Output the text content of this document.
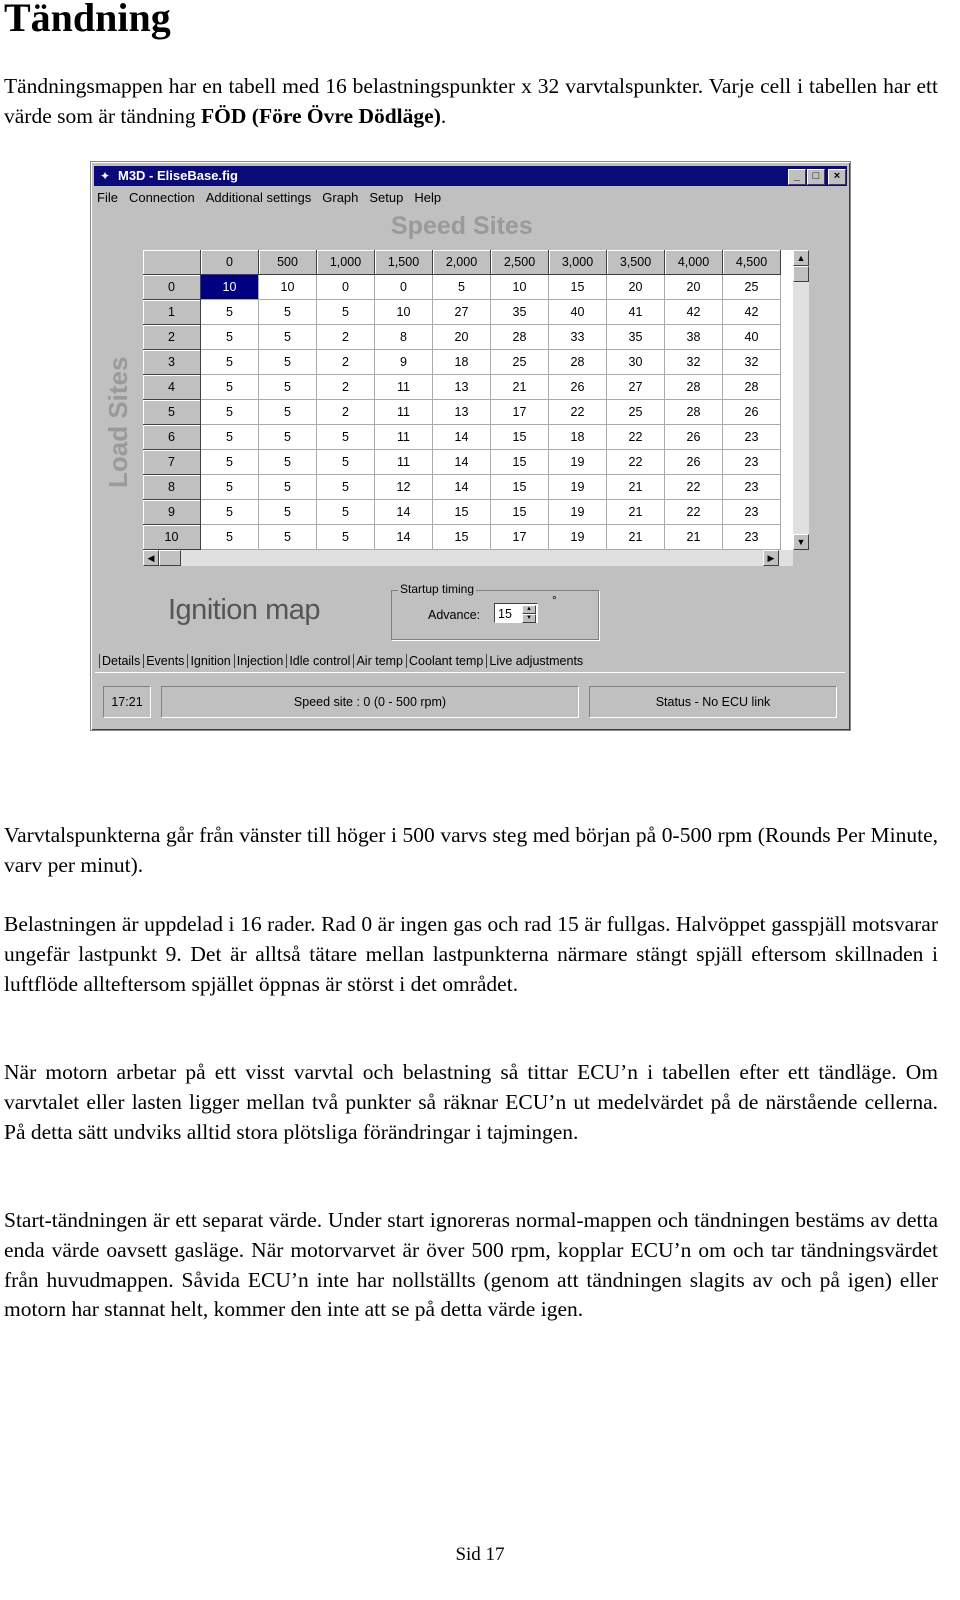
Tändning

Tändningsmappen har en tabell med 16 belastningspunkter x 32 varvtalspunkter. Varje cell i tabellen har ett värde som är tändning FÖD (Före Övre Dödläge).

✦ M3D - EliseBase.fig	_	□	×
File Connection Additional settings Graph Setup Help
Speed Sites
Load Sites
	0	500	1,000	1,500	2,000	2,500	3,000	3,500	4,000	4,500
0	10	10	0	0	5	10	15	20	20	25
1	5	5	5	10	27	35	40	41	42	42
2	5	5	2	8	20	28	33	35	38	40
3	5	5	2	9	18	25	28	30	32	32
4	5	5	2	11	13	21	26	27	28	28
5	5	5	2	11	13	17	22	25	28	26
6	5	5	5	11	14	15	18	22	26	23
7	5	5	5	11	14	15	19	22	26	23
8	5	5	5	12	14	15	19	21	22	23
9	5	5	5	14	15	15	19	21	22	23
10	5	5	5	14	15	17	19	21	21	23
▲
▼
◀	▶
Ignition map
Startup timing
Advance:	15	▲
▼
°
Details Events Ignition Injection Idle control Air temp Coolant temp Live adjustments
17:21	Speed site : 0 (0 - 500 rpm)	Status - No ECU link

Varvtalspunkterna går från vänster till höger i 500 varvs steg med början på 0-500 rpm (Rounds Per Minute, varv per minut).

Belastningen är uppdelad i 16 rader. Rad 0 är ingen gas och rad 15 är fullgas. Halvöppet gasspjäll motsvarar ungefär lastpunkt 9. Det är alltså tätare mellan lastpunkterna närmare stängt spjäll eftersom skillnaden i luftflöde allteftersom spjället öppnas är störst i det området.

När motorn arbetar på ett visst varvtal och belastning så tittar ECU’n i tabellen efter ett tändläge. Om varvtalet eller lasten ligger mellan två punkter så räknar ECU’n ut medelvärdet på de närstående cellerna. På detta sätt undviks alltid stora plötsliga förändringar i tajmingen.

Start-tändningen är ett separat värde. Under start ignoreras normal-mappen och tändningen bestäms av detta enda värde oavsett gasläge. När motorvarvet är över 500 rpm, kopplar ECU’n om och tar tändningsvärdet från huvudmappen. Såvida ECU’n inte har nollställts (genom att tändningen slagits av och på igen) eller motorn har stannat helt, kommer den inte att se på detta värde igen.

Sid 17
